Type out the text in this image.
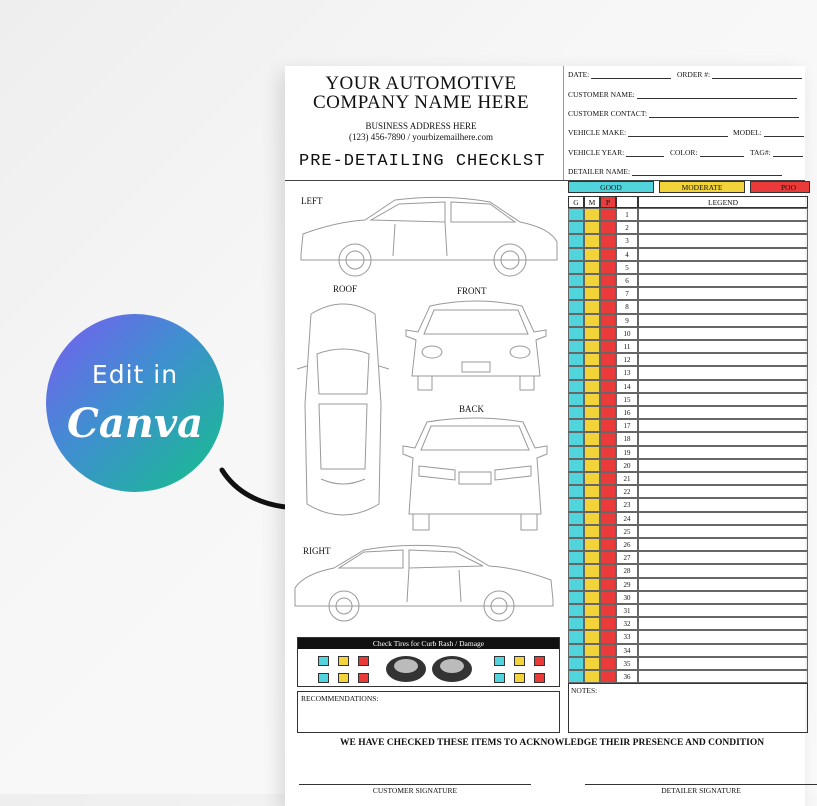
Edit in
Canva
YOUR AUTOMOTIVE
COMPANY NAME HERE
BUSINESS ADDRESS HERE
(123) 456-7890 / yourbizemailhere.com
PRE-DETAILING CHECKLST
DATE:	ORDER #:
CUSTOMER NAME:
CUSTOMER CONTACT:
VEHICLE MAKE:	MODEL:
VEHICLE YEAR:	COLOR:	TAG#:
DETAILER NAME:
LEFT
ROOF	FRONT
BACK
RIGHT
Check Tires for Curb Rash / Damage
RECOMMENDATIONS:
GOOD	MODERATE	POO
G	M	P	LEGEND
1
2
3
4
5
6
7
8
9
10
11
12
13
14
15
16
17
18
19
20
21
22
23
24
25
26
27
28
29
30
31
32
33
34
35
36
NOTES:
WE HAVE CHECKED THESE ITEMS TO ACKNOWLEDGE THEIR PRESENCE AND CONDITION
CUSTOMER SIGNATURE	DETAILER SIGNATURE
